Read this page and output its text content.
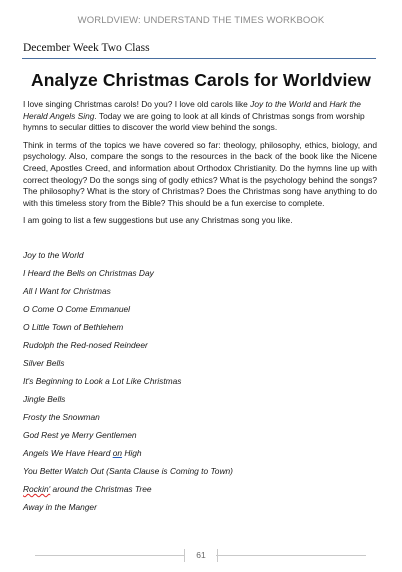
WORLDVIEW: UNDERSTAND THE TIMES WORKBOOK
December Week Two Class
Analyze Christmas Carols for Worldview

I love singing Christmas carols! Do you? I love old carols like Joy to the World and Hark the Herald Angels Sing. Today we are going to look at all kinds of Christmas songs from worship hymns to secular ditties to discover the world view behind the songs.

Think in terms of the topics we have covered so far: theology, philosophy, ethics, biology, and psychology. Also, compare the songs to the resources in the back of the book like the Nicene Creed, Apostles Creed, and information about Orthodox Christianity. Do the hymns line up with correct theology? Do the songs sing of godly ethics? What is the psychology behind the songs? The philosophy? What is the story of Christmas? Does the Christmas song have anything to do with this timeless story from the Bible? This should be a fun exercise to complete.

I am going to list a few suggestions but use any Christmas song you like.

Joy to the World
I Heard the Bells on Christmas Day
All I Want for Christmas
O Come O Come Emmanuel
O Little Town of Bethlehem
Rudolph the Red-nosed Reindeer
Silver Bells
It's Beginning to Look a Lot Like Christmas
Jingle Bells
Frosty the Snowman
God Rest ye Merry Gentlemen
Angels We Have Heard on High
You Better Watch Out (Santa Clause is Coming to Town)
Rockin' around the Christmas Tree
Away in the Manger
61
